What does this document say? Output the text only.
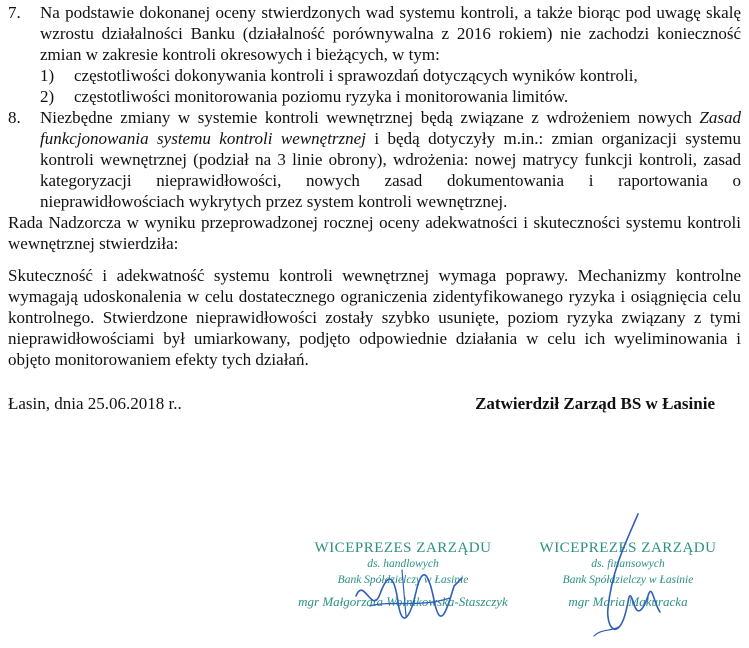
7.	Na podstawie dokonanej oceny stwierdzonych wad systemu kontroli, a także biorąc pod uwagę skalę wzrostu działalności Banku (działalność porównywalna z 2016 rokiem) nie zachodzi konieczność zmian w zakresie kontroli okresowych i bieżących, w tym:
1)	częstotliwości dokonywania kontroli i sprawozdań dotyczących wyników kontroli,
2)	częstotliwości monitorowania poziomu ryzyka i monitorowania limitów.
8.	Niezbędne zmiany w systemie kontroli wewnętrznej będą związane z wdrożeniem nowych Zasad funkcjonowania systemu kontroli wewnętrznej i będą dotyczyły m.in.: zmian organizacji systemu kontroli wewnętrznej (podział na 3 linie obrony), wdrożenia: nowej matrycy funkcji kontroli, zasad kategoryzacji nieprawidłowości, nowych zasad dokumentowania i raportowania o nieprawidłowościach wykrytych przez system kontroli wewnętrznej.
Rada Nadzorcza w wyniku przeprowadzonej rocznej oceny adekwatności i skuteczności systemu kontroli wewnętrznej stwierdziła:
Skuteczność i adekwatność systemu kontroli wewnętrznej wymaga poprawy. Mechanizmy kontrolne wymagają udoskonalenia w celu dostatecznego ograniczenia zidentyfikowanego ryzyka i osiągnięcia celu kontrolnego. Stwierdzone nieprawidłowości zostały szybko usunięte, poziom ryzyka związany z tymi nieprawidłowościami był umiarkowany, podjęto odpowiednie działania w celu ich wyeliminowania i objęto monitorowaniem efekty tych działań.
Łasin, dnia 25.06.2018 r..	Zatwierdził Zarząd BS w Łasinie
WICEPREZES ZARZĄDU
ds. handlowych
Bank Spółdzielczy w Łasinie
mgr Małgorzata Wolnikowska-Staszczyk
WICEPREZES ZARZĄDU
ds. finansowych
Bank Spółdzielczy w Łasinie
mgr Maria Makuracka
